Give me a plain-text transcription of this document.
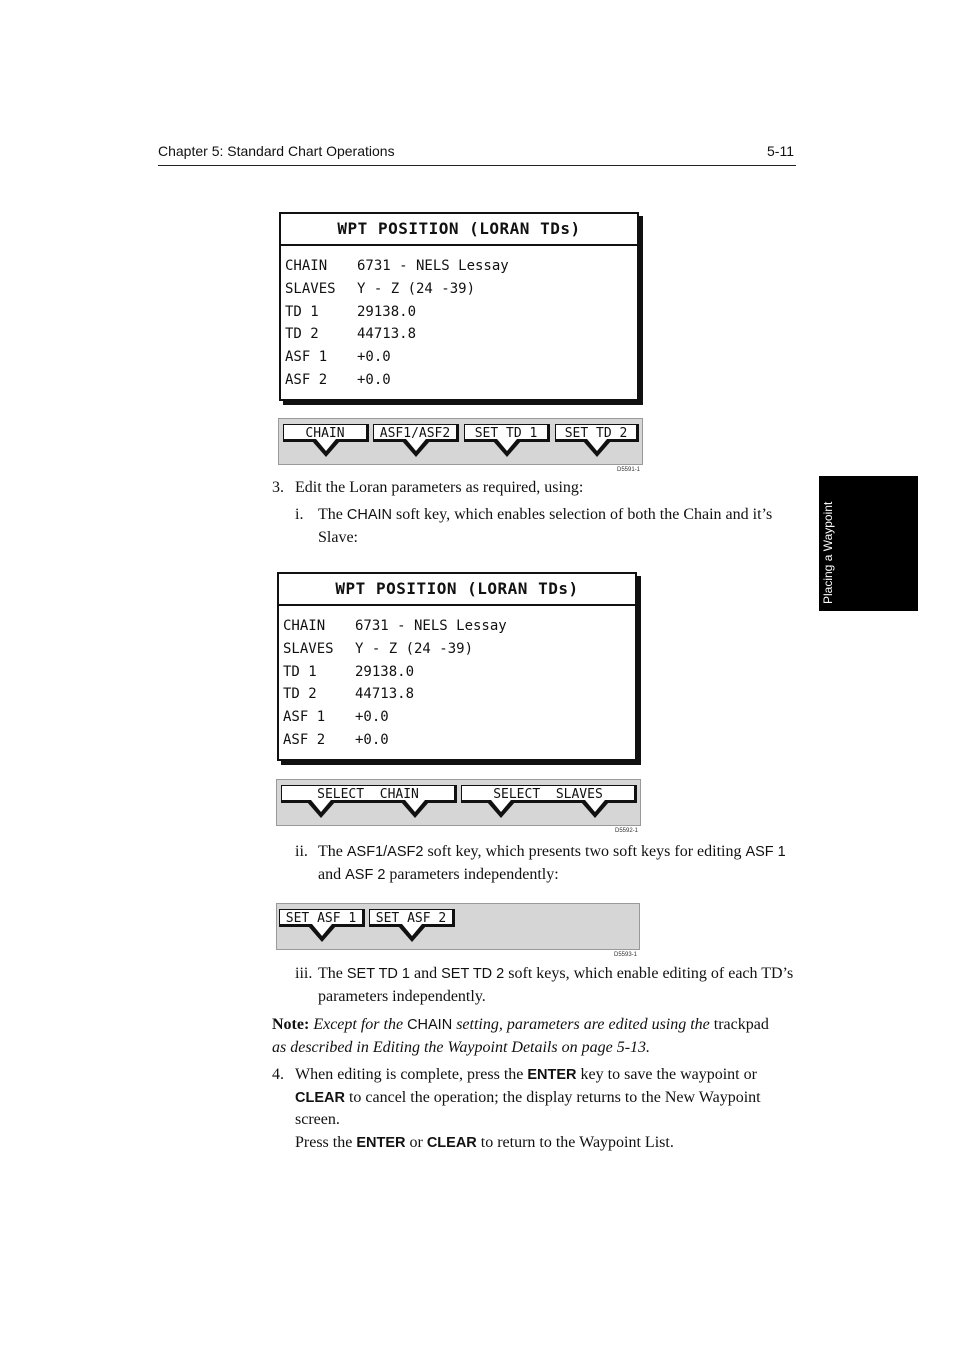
Chapter 5: Standard Chart Operations	5-11
Placing a Waypoint
WPT POSITION (LORAN TDs)
CHAIN 6731 - NELS Lessay
SLAVES Y - Z (24 -39)
TD 1	29138.0
TD 2	44713.8
ASF 1 +0.0
ASF 2 +0.0
CHAIN	ASF1/ASF2	SET TD 1	SET TD 2
D5591-1
3. Edit the Loran parameters as required, using:
i. The CHAIN soft key, which enables selection of both the Chain and it’s
Slave:
WPT POSITION (LORAN TDs)
CHAIN 6731 - NELS Lessay
SLAVES Y - Z (24 -39)
TD 1	29138.0
TD 2	44713.8
ASF 1 +0.0
ASF 2 +0.0
SELECT  CHAIN	SELECT  SLAVES
D5592-1
ii. The ASF1/ASF2 soft key, which presents two soft keys for editing ASF 1
and ASF 2 parameters independently:
SET ASF 1	SET ASF 2
D5593-1
iii. The SET TD 1 and SET TD 2 soft keys, which enable editing of each TD’s
parameters independently.
Note: Except for the CHAIN setting, parameters are edited using the trackpad
as described in Editing the Waypoint Details on page 5-13.
4. When editing is complete, press the ENTER key to save the waypoint or
CLEAR to cancel the operation; the display returns to the New Waypoint
screen.
Press the ENTER or CLEAR to return to the Waypoint List.
